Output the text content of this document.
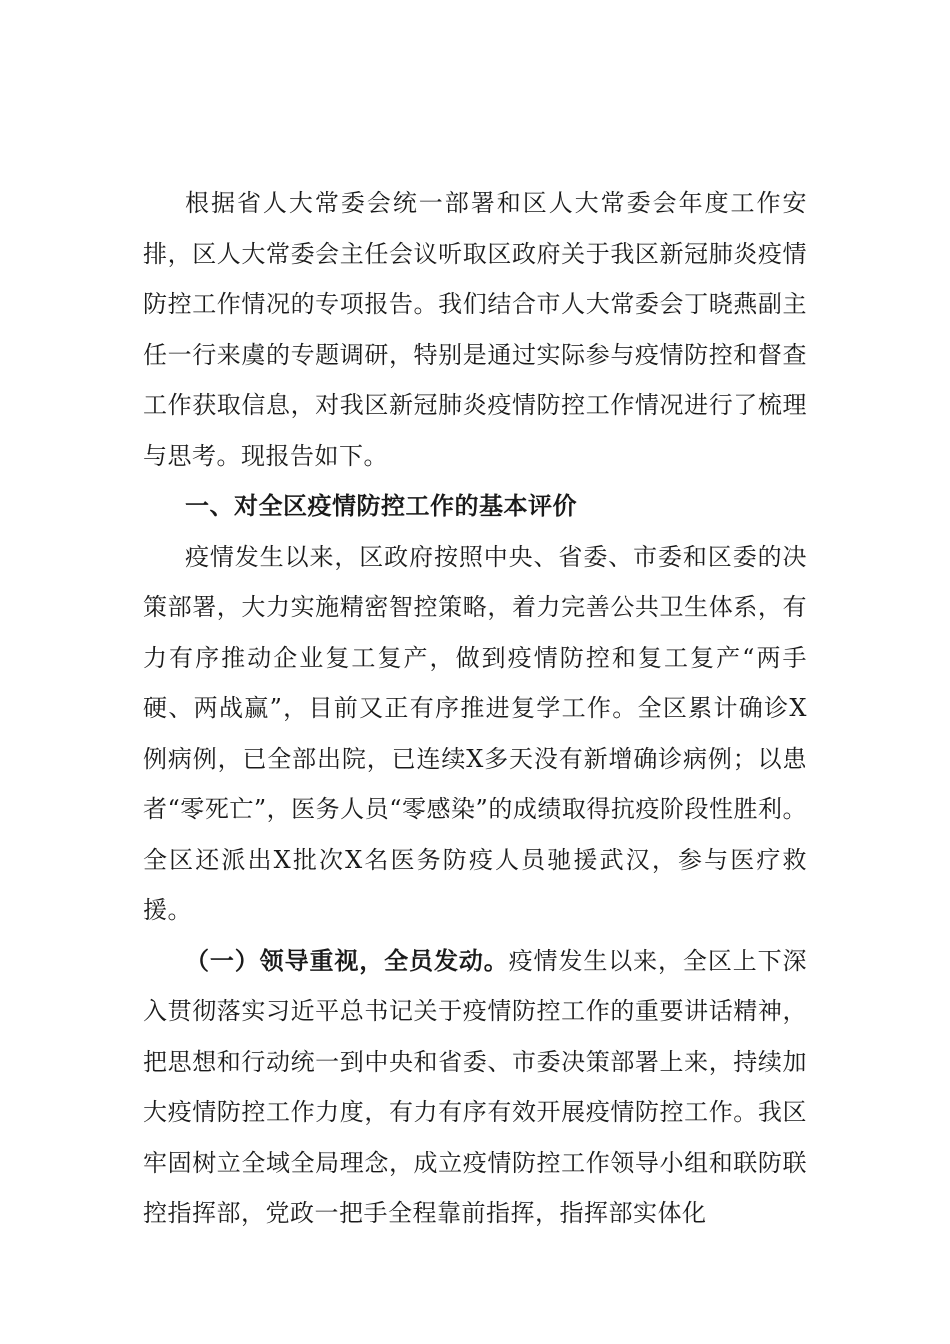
根据省人大常委会统一部署和区人大常委会年度工作安排，区人大常委会主任会议听取区政府关于我区新冠肺炎疫情防控工作情况的专项报告。我们结合市人大常委会丁晓燕副主任一行来虞的专题调研，特别是通过实际参与疫情防控和督查工作获取信息，对我区新冠肺炎疫情防控工作情况进行了梳理与思考。现报告如下。

一、对全区疫情防控工作的基本评价

疫情发生以来，区政府按照中央、省委、市委和区委的决策部署，大力实施精密智控策略，着力完善公共卫生体系，有力有序推动企业复工复产，做到疫情防控和复工复产“两手硬、两战赢”，目前又正有序推进复学工作。全区累计确诊X例病例，已全部出院，已连续X多天没有新增确诊病例；以患者“零死亡”，医务人员“零感染”的成绩取得抗疫阶段性胜利。全区还派出X批次X名医务防疫人员驰援武汉，参与医疗救援。

（一）领导重视，全员发动。疫情发生以来，全区上下深入贯彻落实习近平总书记关于疫情防控工作的重要讲话精神，把思想和行动统一到中央和省委、市委决策部署上来，持续加大疫情防控工作力度，有力有序有效开展疫情防控工作。我区牢固树立全域全局理念，成立疫情防控工作领导小组和联防联控指挥部，党政一把手全程靠前指挥，指挥部实体化
